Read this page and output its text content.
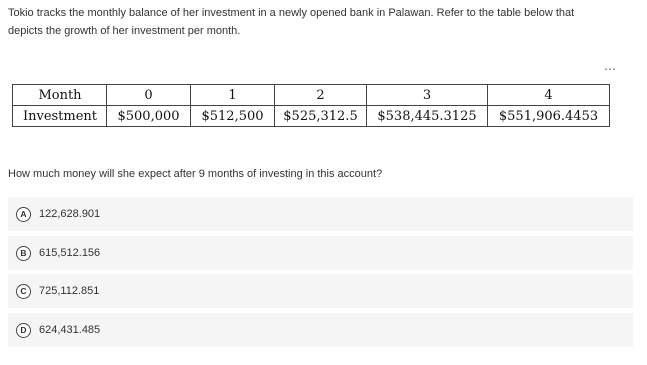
Tokio tracks the monthly balance of her investment in a newly opened bank in Palawan. Refer to the table below that
depicts the growth of her investment per month.
⋯
Month	0	1	2	3	4
Investment	$500,000	$512,500	$525,312.5	$538,445.3125	$551,906.4453
How much money will she expect after 9 months of investing in this account?
A	122,628.901
B	615,512.156
C	725,112.851
D	624,431.485
